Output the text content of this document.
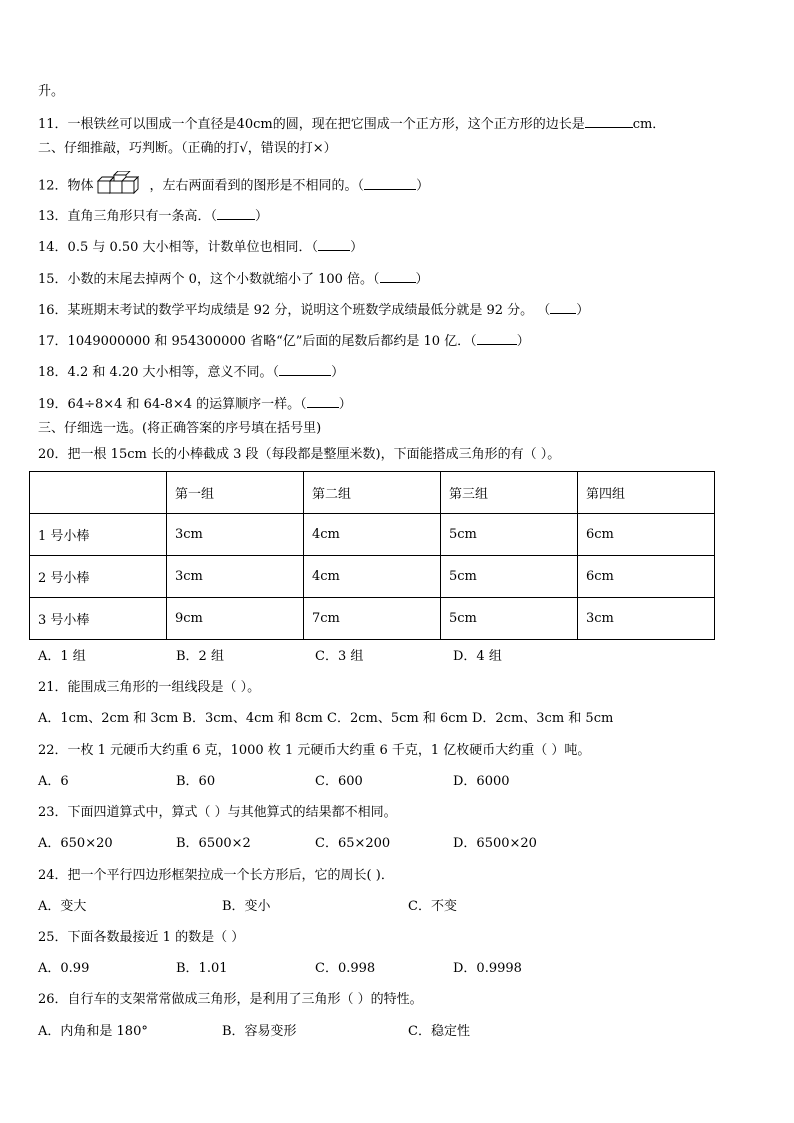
升。
11．一根铁丝可以围成一个直径是40cm的圆，现在把它围成一个正方形，这个正方形的边长是	cm．
二、仔细推敲，巧判断。（正确的打√，错误的打×）
12．物体	，左右两面看到的图形是不相同的。（	）
13．直角三角形只有一条高．（	）
14．0.5 与 0.50 大小相等，计数单位也相同．（ ）
15．小数的末尾去掉两个 0，这个小数就缩小了 100 倍。（	）
16．某班期末考试的数学平均成绩是 92 分，说明这个班数学成绩最低分就是 92 分。 （ ）
17．1049000000 和 954300000 省略“亿”后面的尾数后都约是 10 亿．（	）
18．4.2 和 4.20 大小相等，意义不同。（	）
19．64÷8×4 和 64-8×4 的运算顺序一样。（ ）
三、仔细选一选。(将正确答案的序号填在括号里)
20．把一根 15cm 长的小棒截成 3 段（每段都是整厘米数)，下面能搭成三角形的有（ ）。
	第一组	第二组	第三组	第四组
1 号小棒	3cm	4cm	5cm	6cm
2 号小棒	3cm	4cm	5cm	6cm
3 号小棒	9cm	7cm	5cm	3cm
A．1 组	B．2 组	C．3 组	D．4 组
21．能围成三角形的一组线段是（ ）。
A．1cm、2cm 和 3cm B．3cm、4cm 和 8cm C．2cm、5cm 和 6cm D．2cm、3cm 和 5cm
22．一枚 1 元硬币大约重 6 克，1000 枚 1 元硬币大约重 6 千克，1 亿枚硬币大约重（ ）吨。
A．6	B．60	C．600	D．6000
23．下面四道算式中，算式（ ）与其他算式的结果都不相同。
A．650×20	B．6500×2	C．65×200	D．6500×20
24．把一个平行四边形框架拉成一个长方形后，它的周长( )．
A．变大	B．变小	C．不变
25．下面各数最接近 1 的数是（ ）
A．0.99	B．1.01	C．0.998	D．0.9998
26．自行车的支架常常做成三角形，是利用了三角形（ ）的特性。
A．内角和是 180°	B．容易变形	C．稳定性
